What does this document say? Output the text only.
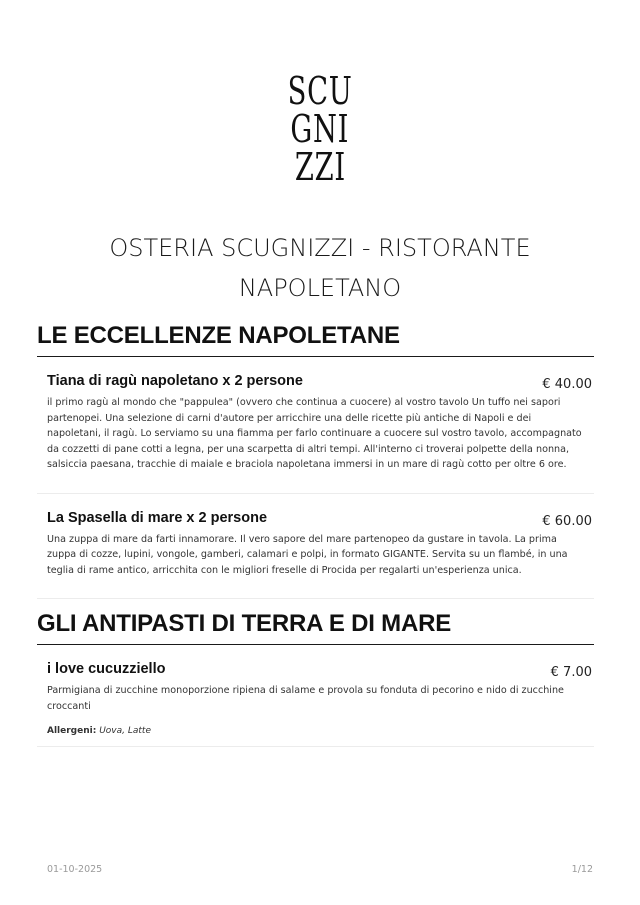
SCU
GNI
ZZI
OSTERIA SCUGNIZZI - RISTORANTE NAPOLETANO
LE ECCELLENZE NAPOLETANE
€ 40.00
Tiana di ragù napoletano x 2 persone

il primo ragù al mondo che "pappulea" (ovvero che continua a cuocere) al vostro tavolo Un tuffo nei sapori partenopei. Una selezione di carni d'autore per arricchire una delle ricette più antiche di Napoli e dei napoletani, il ragù. Lo serviamo su una fiamma per farlo continuare a cuocere sul vostro tavolo, accompagnato da cozzetti di pane cotti a legna, per una scarpetta di altri tempi. All'interno ci troverai polpette della nonna, salsiccia paesana, tracchie di maiale e braciola napoletana immersi in un mare di ragù cotto per oltre 6 ore.

€ 60.00
La Spasella di mare x 2 persone

Una zuppa di mare da farti innamorare. Il vero sapore del mare partenopeo da gustare in tavola. La prima zuppa di cozze, lupini, vongole, gamberi, calamari e polpi, in formato GIGANTE. Servita su un flambé, in una teglia di rame antico, arricchita con le migliori freselle di Procida per regalarti un'esperienza unica.

GLI ANTIPASTI DI TERRA E DI MARE
€ 7.00
i love cucuzziello

Parmigiana di zucchine monoporzione ripiena di salame e provola su fonduta di pecorino e nido di zucchine croccanti

Allergeni: Uova, Latte
01-10-2025	1/12
